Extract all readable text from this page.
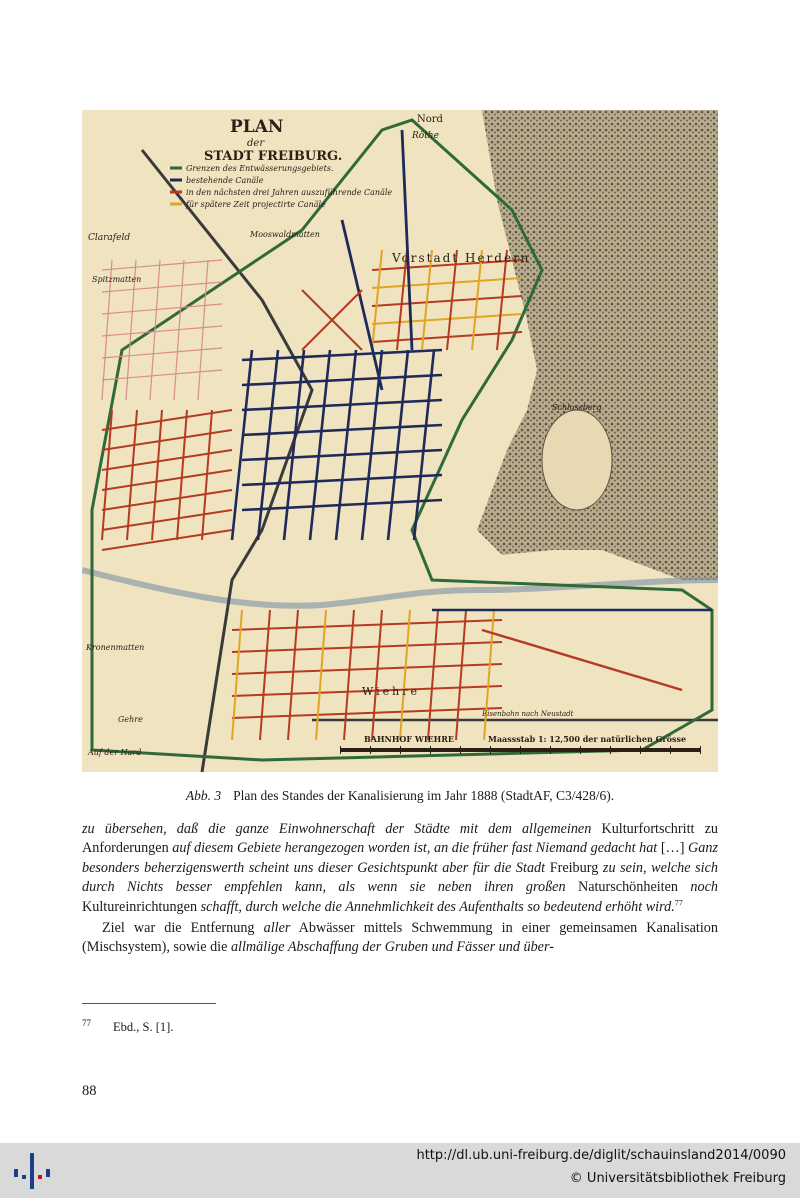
PLAN
der
STADT FREIBURG.
Grenzen des Entwässerungsgebiets.
bestehende Canäle
in den nächsten drei Jahren auszuführende Canäle
für spätere Zeit projectirte Canäle
Nord
Röthe
Vorstadt Herdern
Clarafeld
Spitzmatten
Mooswaldmatten
Kronenmatten
Gehre
Auf der Hard
BAHNHOF WIEHRE
Eisenbahn nach Neustadt
Wiehre
Schlossberg
Maassstab 1: 12,500 der natürlichen Grösse
Abb. 3 Plan des Standes der Kanalisierung im Jahr 1888 (StadtAF, C3/428/6).

zu übersehen, daß die ganze Einwohnerschaft der Städte mit dem allgemeinen Kulturfortschritt zu Anforderungen auf diesem Gebiete herangezogen worden ist, an die früher fast Niemand gedacht hat […] Ganz besonders beherzigenswerth scheint uns dieser Gesichtspunkt aber für die Stadt Freiburg zu sein, welche sich durch Nichts besser empfehlen kann, als wenn sie neben ihren großen Naturschönheiten noch Kultureinrichtungen schafft, durch welche die Annehmlichkeit des Aufenthalts so bedeutend erhöht wird.$^{77}$

Ziel war die Entfernung aller Abwässer mittels Schwemmung in einer gemeinsamen Kanalisation (Mischsystem), sowie die allmälige Abschaffung der Gruben und Fässer und über-

$^{77}$ Ebd., S. [1].
88
http://dl.ub.uni-freiburg.de/diglit/schauinsland2014/0090
© Universitätsbibliothek Freiburg
